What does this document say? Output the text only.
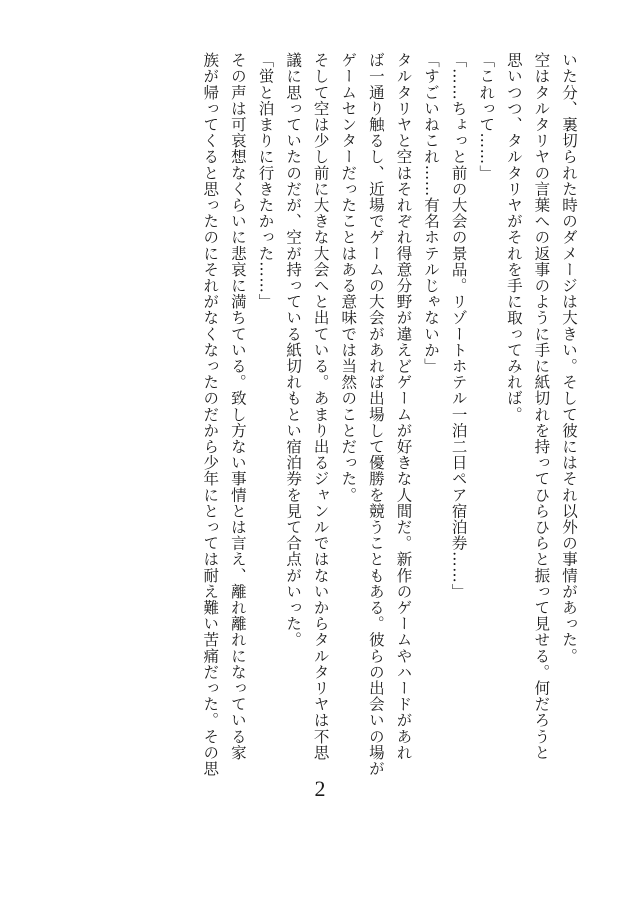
いた分、裏切られた時のダメージは大きい。そして彼にはそれ以外の事情があった。

空はタルタリヤの言葉への返事のように手に紙切れを持ってひらひらと振って見せる。何だろうと

思いつつ、タルタリヤがそれを手に取ってみれば。

「これって……」

「……ちょっと前の大会の景品。リゾートホテル一泊二日ペア宿泊券……」

「すごいねこれ……有名ホテルじゃないか」

タルタリヤと空はそれぞれ得意分野が違えどゲームが好きな人間だ。新作のゲームやハードがあれ

ば一通り触るし、近場でゲームの大会があれば出場して優勝を競うこともある。彼らの出会いの場が

ゲームセンターだったことはある意味では当然のことだった。

そして空は少し前に大きな大会へと出ている。あまり出るジャンルではないからタルタリヤは不思

議に思っていたのだが、空が持っている紙切れもとい宿泊券を見て合点がいった。

「蛍と泊まりに行きたかった……」

その声は可哀想なくらいに悲哀に満ちている。致し方ない事情とは言え、離れ離れになっている家

族が帰ってくると思ったのにそれがなくなったのだから少年にとっては耐え難い苦痛だった。その思

2
